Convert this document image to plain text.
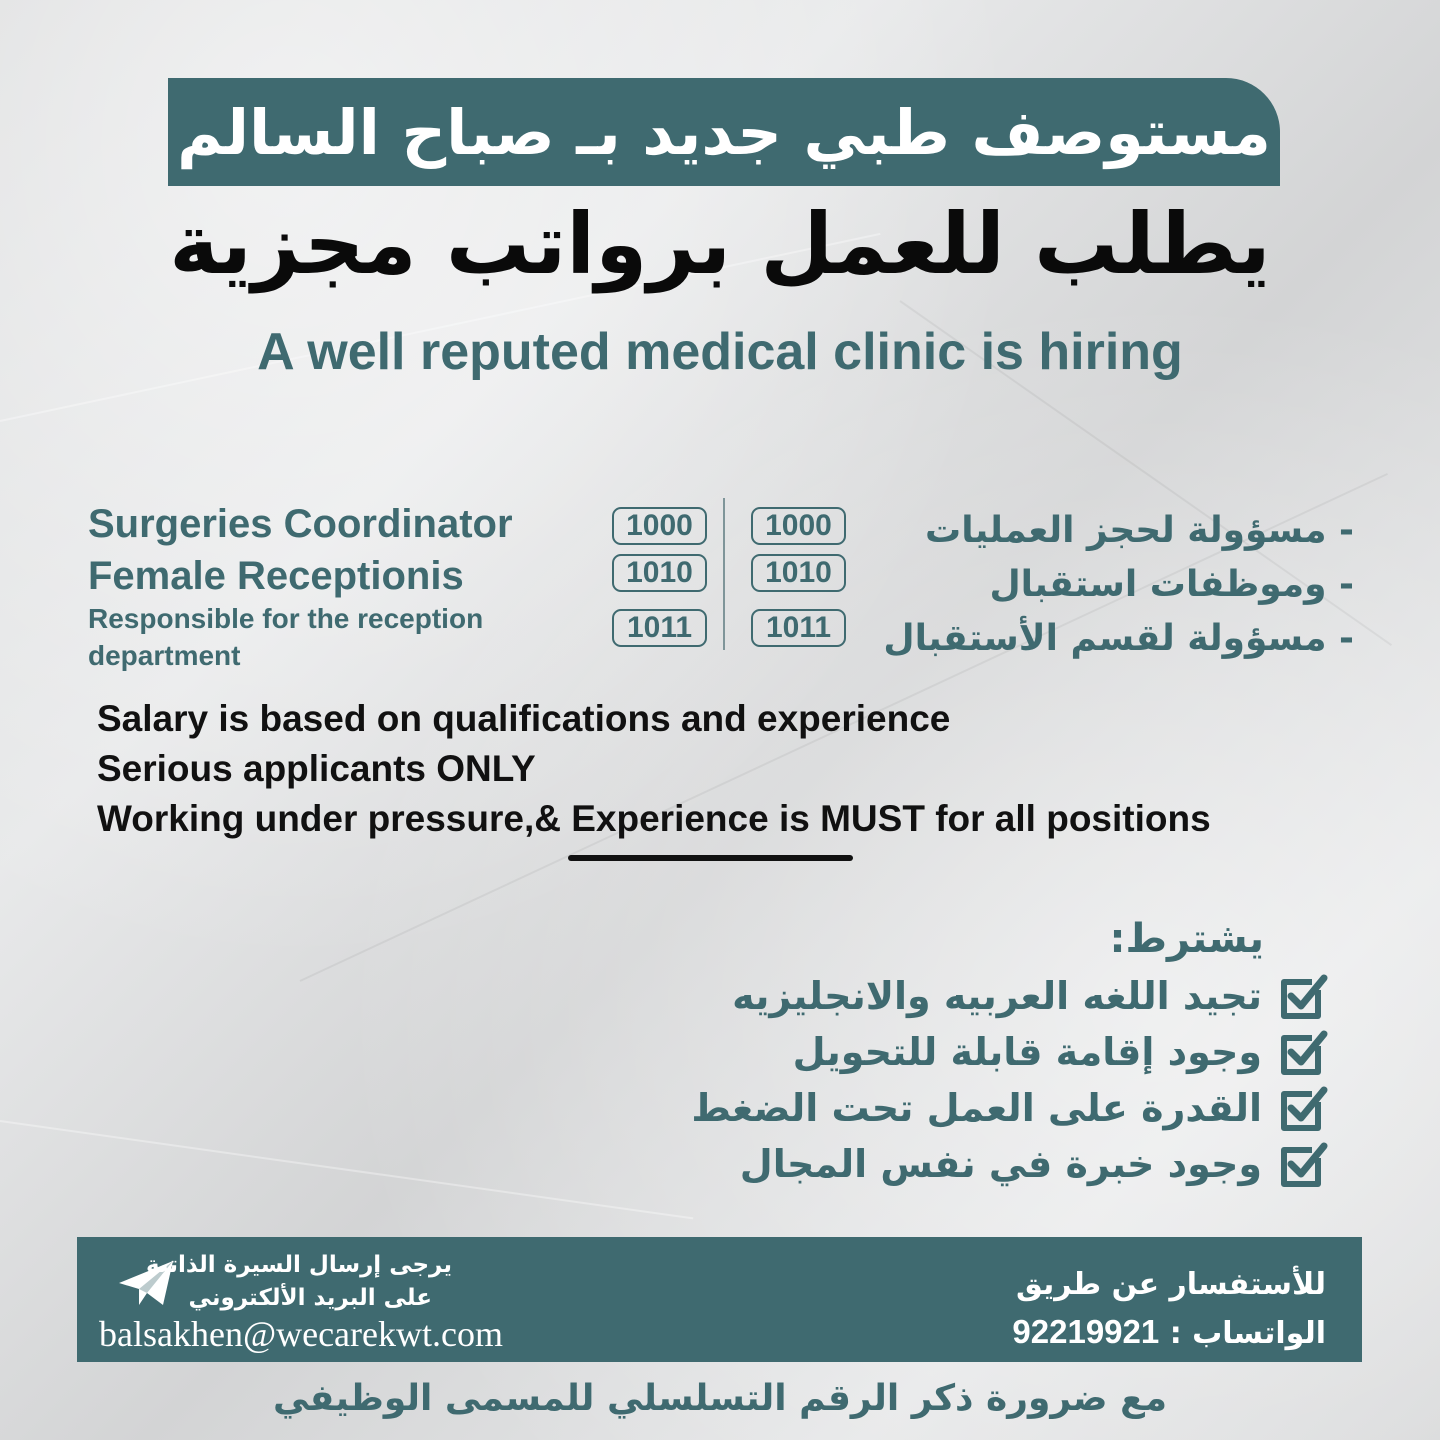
مستوصف طبي جديد بـ صباح السالم
يطلب للعمل برواتب مجزية
A well reputed medical clinic is hiring
Surgeries Coordinator
Female Receptionis
Responsible for the reception department
1000
1010
1011
1000
1010
1011
- مسؤولة لحجز العمليات
- وموظفات استقبال
- مسؤولة لقسم الأستقبال
Salary is based on qualifications and experience
Serious applicants ONLY
Working under pressure,& Experience is MUST for all positions
يشترط:
تجيد اللغه العربيه والانجليزيه
وجود إقامة قابلة للتحويل
القدرة على العمل تحت الضغط
وجود خبرة في نفس المجال
يرجى إرسال السيرة الذاتية
على البريد الألكتروني
balsakhen@wecarekwt.com
للأستفسار عن طريق
الواتساب : 92219921
مع ضرورة ذكر الرقم التسلسلي للمسمى الوظيفي
